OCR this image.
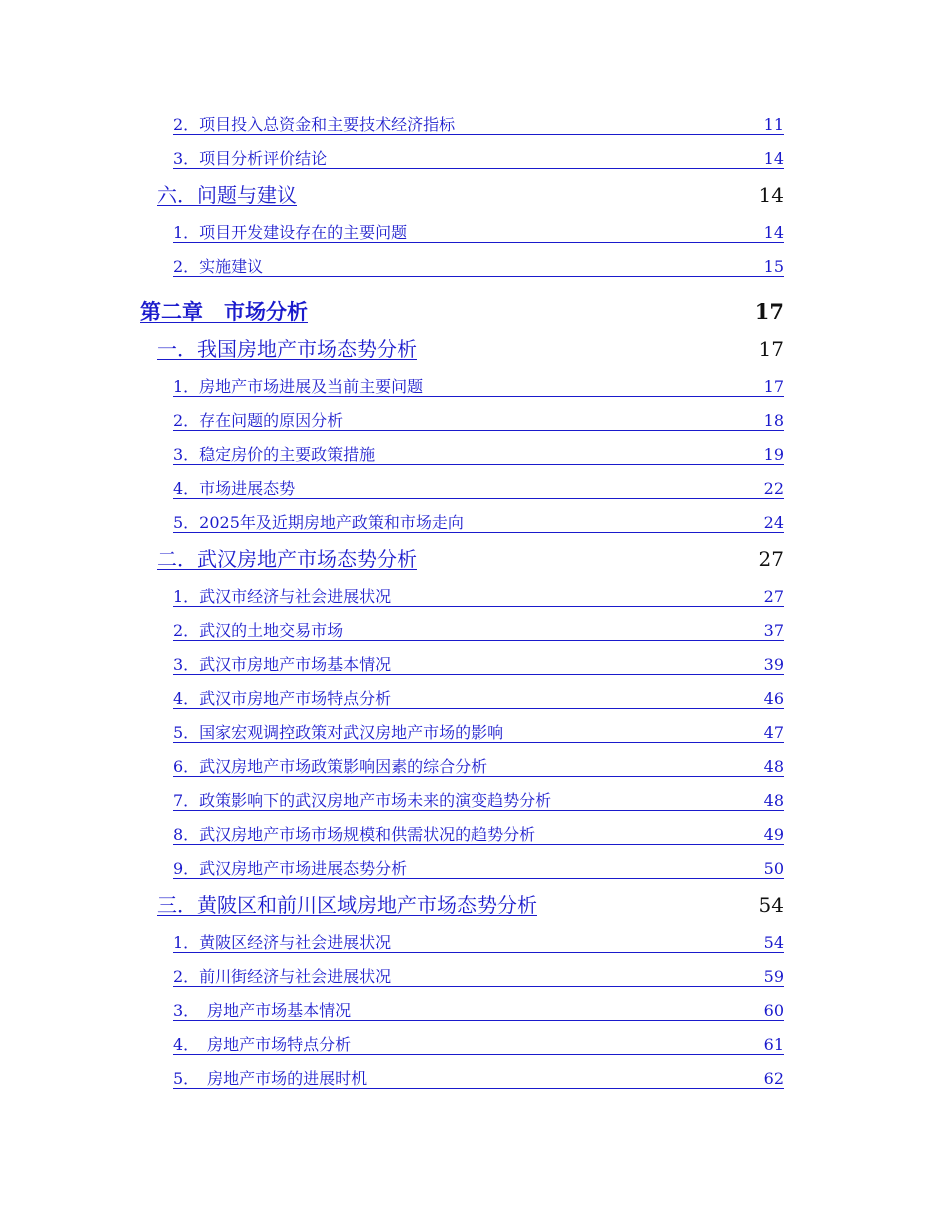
2．项目投入总资金和主要技术经济指标	11
3．项目分析评价结论	14
六．问题与建议	14
1．项目开发建设存在的主要问题	14
2．实施建议	15
第二章　市场分析	17
一．我国房地产市场态势分析	17
1．房地产市场进展及当前主要问题	17
2．存在问题的原因分析	18
3．稳定房价的主要政策措施	19
4．市场进展态势	22
5．2025年及近期房地产政策和市场走向	24
二．武汉房地产市场态势分析	27
1．武汉市经济与社会进展状况	27
2．武汉的土地交易市场	37
3．武汉市房地产市场基本情况	39
4．武汉市房地产市场特点分析	46
5．国家宏观调控政策对武汉房地产市场的影响	47
6．武汉房地产市场政策影响因素的综合分析	48
7．政策影响下的武汉房地产市场未来的演变趋势分析	48
8．武汉房地产市场市场规模和供需状况的趋势分析	49
9．武汉房地产市场进展态势分析	50
三．黄陂区和前川区域房地产市场态势分析	54
1．黄陂区经济与社会进展状况	54
2．前川街经济与社会进展状况	59
3．　房地产市场基本情况	60
4．　房地产市场特点分析	61
5．　房地产市场的进展时机	62
